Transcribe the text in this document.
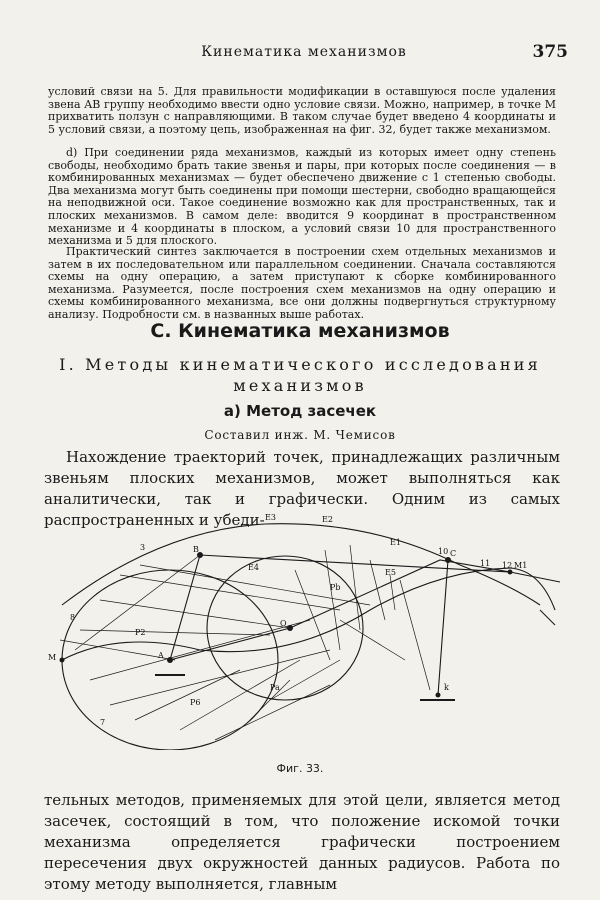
Кинематика механизмов	375

условий связи на 5. Для правильности модификации в оставшуюся после удаления звена AB группу необходимо ввести одно условие связи. Можно, например, в точке M прихватить ползун с направляющими. В таком случае будет введено 4 координаты и 5 условий связи, а поэтому цепь, изображенная на фиг. 32, будет также механизмом.

d) При соединении ряда механизмов, каждый из которых имеет одну степень свободы, необходимо брать такие звенья и пары, при которых после соединения — в комбинированных механизмах — будет обеспечено движение с 1 степенью свободы. Два механизма могут быть соединены при помощи шестерни, свободно вращающейся на неподвижной оси. Такое соединение возможно как для пространственных, так и плоских механизмов. В самом деле: вводится 9 координат в пространственном механизме и 4 координаты в плоском, а условий связи 10 для пространственного механизма и 5 для плоского.

Практический синтез заключается в построении схем отдельных механизмов и затем в их последовательном или параллельном соединении. Сначала составляются схемы на одну операцию, а затем приступают к сборке комбинированного механизма. Разумеется, после построения схем механизмов на одну операцию и схемы комбинированного механизма, все они должны подвергнуться структурному анализу. Подробности см. в названных выше работах.

С. Кинематика механизмов
I. Методы кинематического исследования механизмов
а) Метод засечек
Составил инж. М. Чемисов

Нахождение траекторий точек, принадлежащих различным звеньям плоских механизмов, может выполняться как аналитически, так и графически. Одним из самых распространенных и убеди-

A
B	C
O
M
M1
k
E3	E2
E1
E4
E5
P2
P6
Pa
Pb
3
7
8
10
11 12
Фиг. 33.

тельных методов, применяемых для этой цели, является метод засечек, состоящий в том, что положение искомой точки механизма определяется графически построением пересечения двух окружностей данных радиусов. Работа по этому методу выполняется, главным
